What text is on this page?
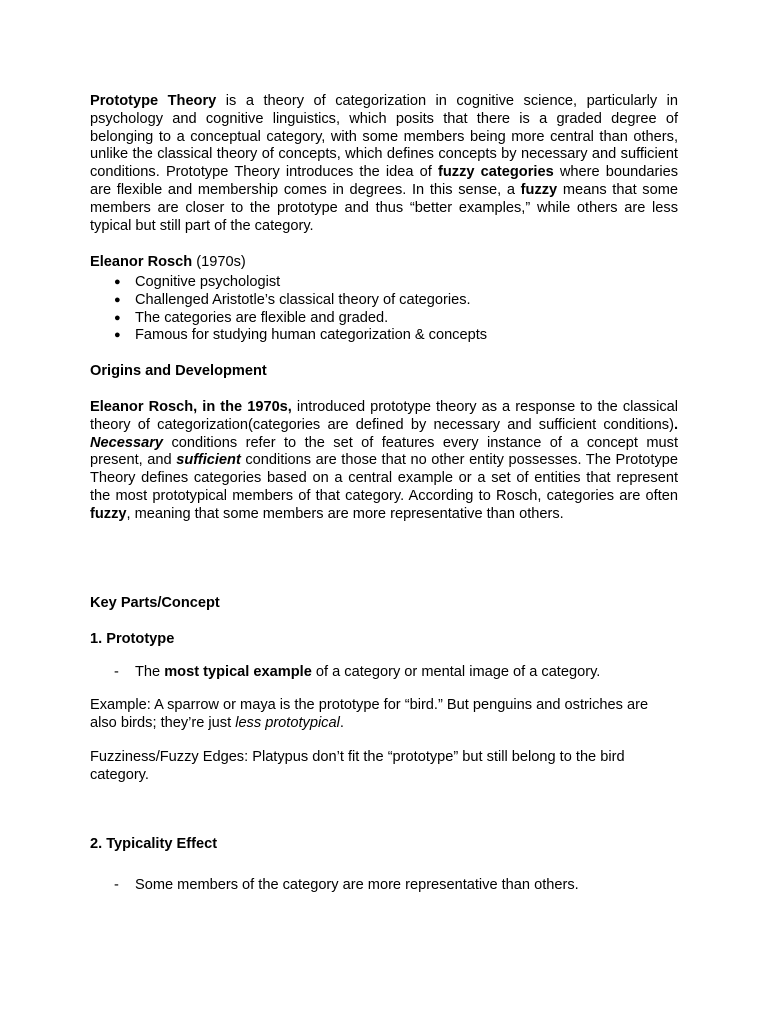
Prototype Theory is a theory of categorization in cognitive science, particularly in psychology and cognitive linguistics, which posits that there is a graded degree of belonging to a conceptual category, with some members being more central than others, unlike the classical theory of concepts, which defines concepts by necessary and sufficient conditions. Prototype Theory introduces the idea of fuzzy categories where boundaries are flexible and membership comes in degrees. In this sense, a fuzzy means that some members are closer to the prototype and thus “better examples,” while others are less typical but still part of the category.

Eleanor Rosch (1970s)

● Cognitive psychologist
● Challenged Aristotle’s classical theory of categories.
● The categories are flexible and graded.
● Famous for studying human categorization & concepts

Origins and Development

Eleanor Rosch, in the 1970s, introduced prototype theory as a response to the classical theory of categorization(categories are defined by necessary and sufficient conditions). Necessary conditions refer to the set of features every instance of a concept must present, and sufficient conditions are those that no other entity possesses. The Prototype Theory defines categories based on a central example or a set of entities that represent the most prototypical members of that category. According to Rosch, categories are often fuzzy, meaning that some members are more representative than others.

Key Parts/Concept

1. Prototype

- The most typical example of a category or mental image of a category.

Example: A sparrow or maya is the prototype for “bird.” But penguins and ostriches are also birds; they’re just less prototypical.

Fuzziness/Fuzzy Edges: Platypus don’t fit the “prototype” but still belong to the bird category.

2. Typicality Effect

- Some members of the category are more representative than others.
